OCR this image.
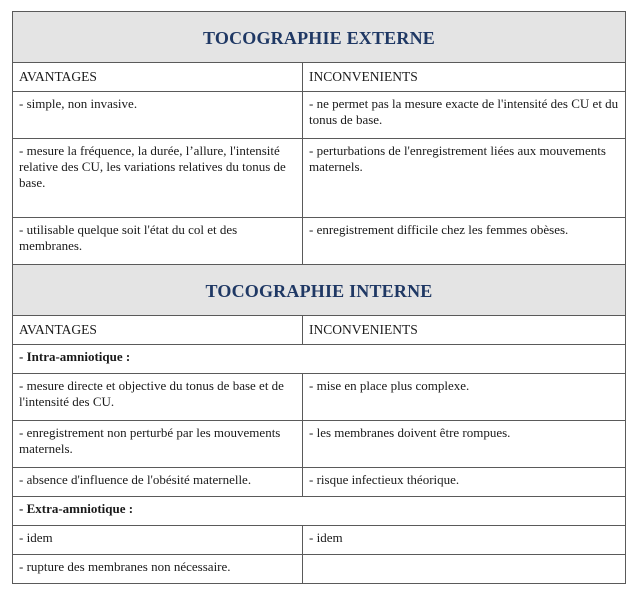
TOCOGRAPHIE EXTERNE	
AVANTAGES	INCONVENIENTS
- simple, non invasive.	- ne permet pas la mesure exacte de l'intensité des CU et du tonus de base.
- mesure la fréquence, la durée, l’allure, l'intensité relative des CU, les variations relatives du tonus de base.	- perturbations de l'enregistrement liées aux mouvements maternels.
- utilisable quelque soit l'état du col et des membranes.	- enregistrement difficile chez les femmes obèses.
TOCOGRAPHIE INTERNE	
AVANTAGES	INCONVENIENTS
- Intra-amniotique :	
- mesure directe et objective du tonus de base et de l'intensité des CU.	- mise en place plus complexe.
- enregistrement non perturbé par les mouvements maternels.	- les membranes doivent être rompues.
- absence d'influence de l'obésité maternelle.	- risque infectieux théorique.
- Extra-amniotique :	
- idem	- idem
- rupture des membranes non nécessaire.	
